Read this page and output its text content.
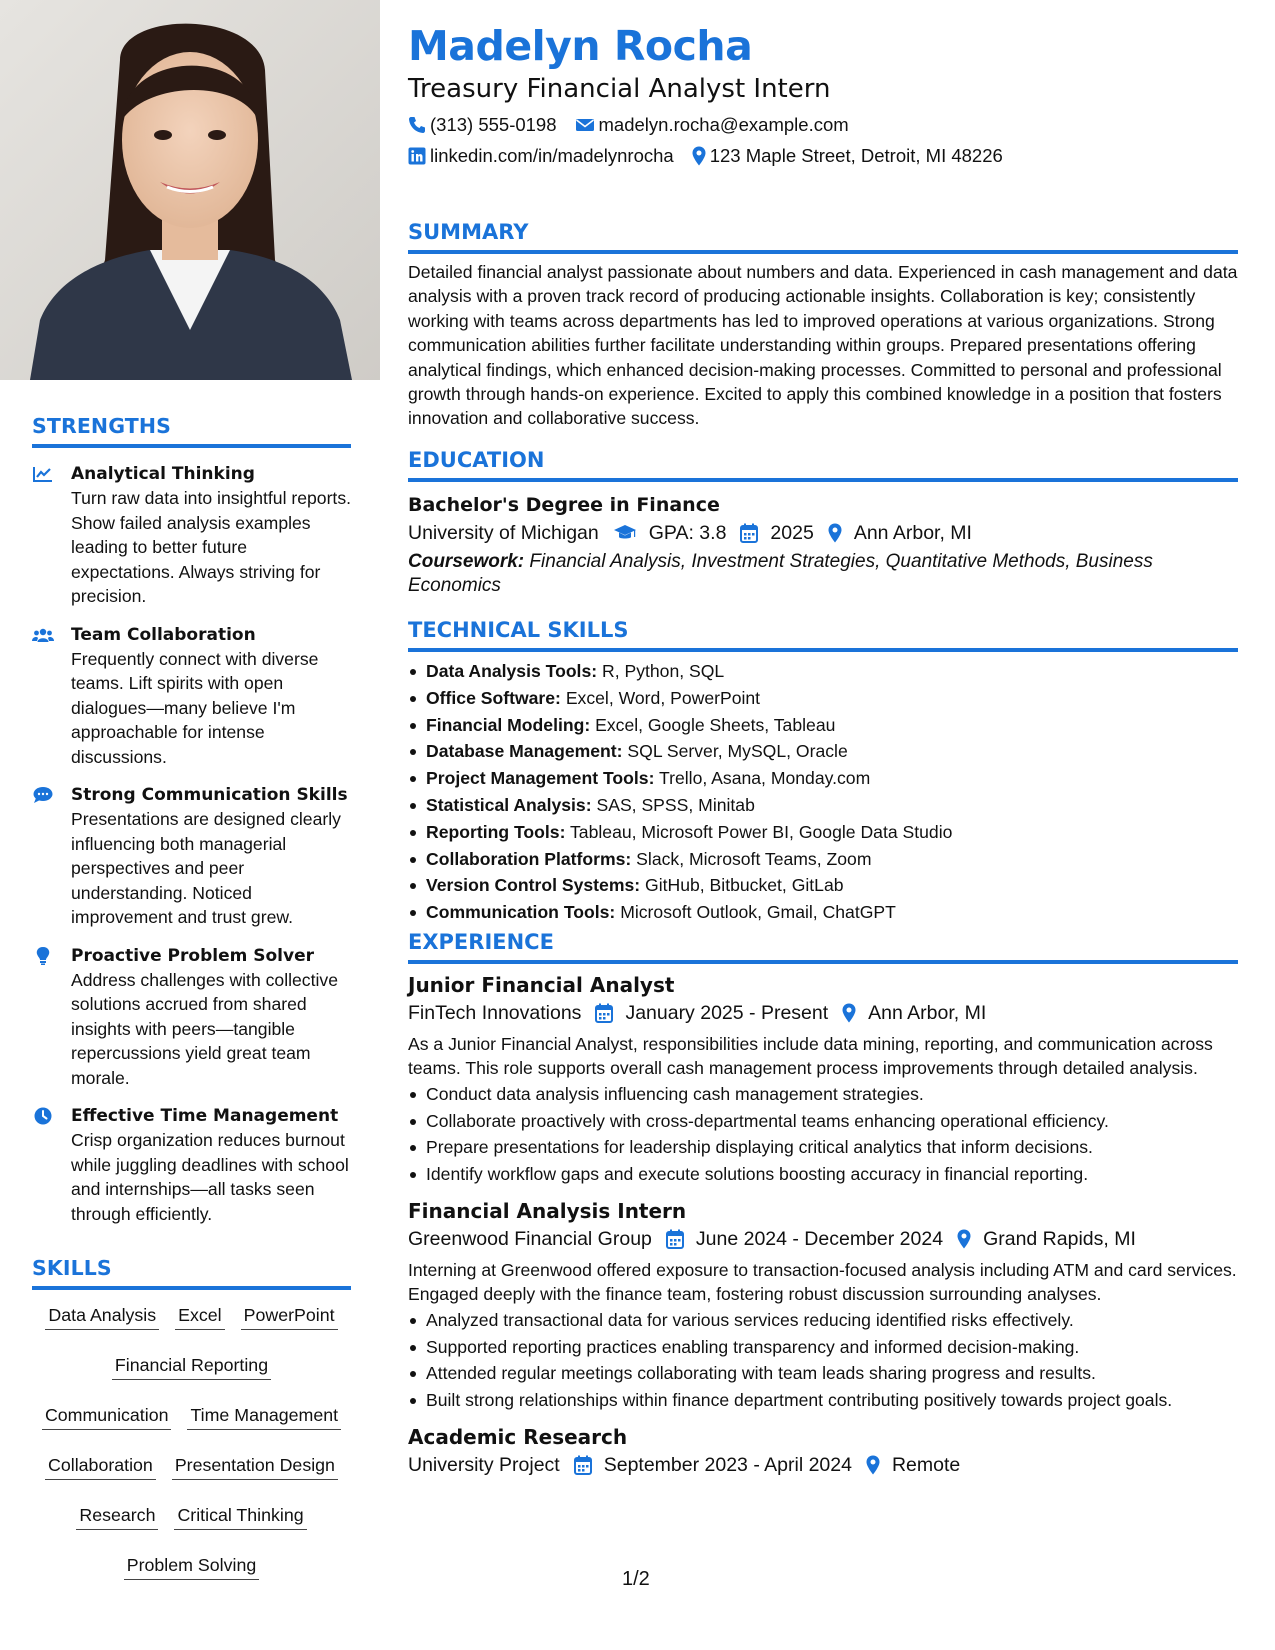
STRENGTHS
Analytical Thinking
Turn raw data into insightful reports. Show failed analysis examples leading to better future expectations. Always striving for precision.
Team Collaboration
Frequently connect with diverse teams. Lift spirits with open dialogues—many believe I'm approachable for intense discussions.
Strong Communication Skills
Presentations are designed clearly influencing both managerial perspectives and peer understanding. Noticed improvement and trust grew.
Proactive Problem Solver
Address challenges with collective solutions accrued from shared insights with peers—tangible repercussions yield great team morale.
Effective Time Management
Crisp organization reduces burnout while juggling deadlines with school and internships—all tasks seen through efficiently.
SKILLS
Data Analysis Excel PowerPoint
Financial Reporting
Communication Time Management
Collaboration Presentation Design
Research Critical Thinking
Problem Solving
Madelyn Rocha
Treasury Financial Analyst Intern
(313) 555-0198 madelyn.rocha@example.com
linkedin.com/in/madelynrocha 123 Maple Street, Detroit, MI 48226
SUMMARY
Detailed financial analyst passionate about numbers and data. Experienced in cash management and data analysis with a proven track record of producing actionable insights. Collaboration is key; consistently working with teams across departments has led to improved operations at various organizations. Strong communication abilities further facilitate understanding within groups. Prepared presentations offering analytical findings, which enhanced decision-making processes. Committed to personal and professional growth through hands-on experience. Excited to apply this combined knowledge in a position that fosters innovation and collaborative success.
EDUCATION
Bachelor's Degree in Finance
University of Michigan	GPA: 3.8 2025 Ann Arbor, MI
Coursework: Financial Analysis, Investment Strategies, Quantitative Methods, Business Economics
TECHNICAL SKILLS
Data Analysis Tools: R, Python, SQL
Office Software: Excel, Word, PowerPoint
Financial Modeling: Excel, Google Sheets, Tableau
Database Management: SQL Server, MySQL, Oracle
Project Management Tools: Trello, Asana, Monday.com
Statistical Analysis: SAS, SPSS, Minitab
Reporting Tools: Tableau, Microsoft Power BI, Google Data Studio
Collaboration Platforms: Slack, Microsoft Teams, Zoom
Version Control Systems: GitHub, Bitbucket, GitLab
Communication Tools: Microsoft Outlook, Gmail, ChatGPT
EXPERIENCE
Junior Financial Analyst
FinTech Innovations January 2025 - Present Ann Arbor, MI
As a Junior Financial Analyst, responsibilities include data mining, reporting, and communication across teams. This role supports overall cash management process improvements through detailed analysis.
Conduct data analysis influencing cash management strategies.
Collaborate proactively with cross-departmental teams enhancing operational efficiency.
Prepare presentations for leadership displaying critical analytics that inform decisions.
Identify workflow gaps and execute solutions boosting accuracy in financial reporting.
Financial Analysis Intern
Greenwood Financial Group June 2024 - December 2024 Grand Rapids, MI
Interning at Greenwood offered exposure to transaction-focused analysis including ATM and card services. Engaged deeply with the finance team, fostering robust discussion surrounding analyses.
Analyzed transactional data for various services reducing identified risks effectively.
Supported reporting practices enabling transparency and informed decision-making.
Attended regular meetings collaborating with team leads sharing progress and results.
Built strong relationships within finance department contributing positively towards project goals.
Academic Research
University Project September 2023 - April 2024 Remote
1/2
